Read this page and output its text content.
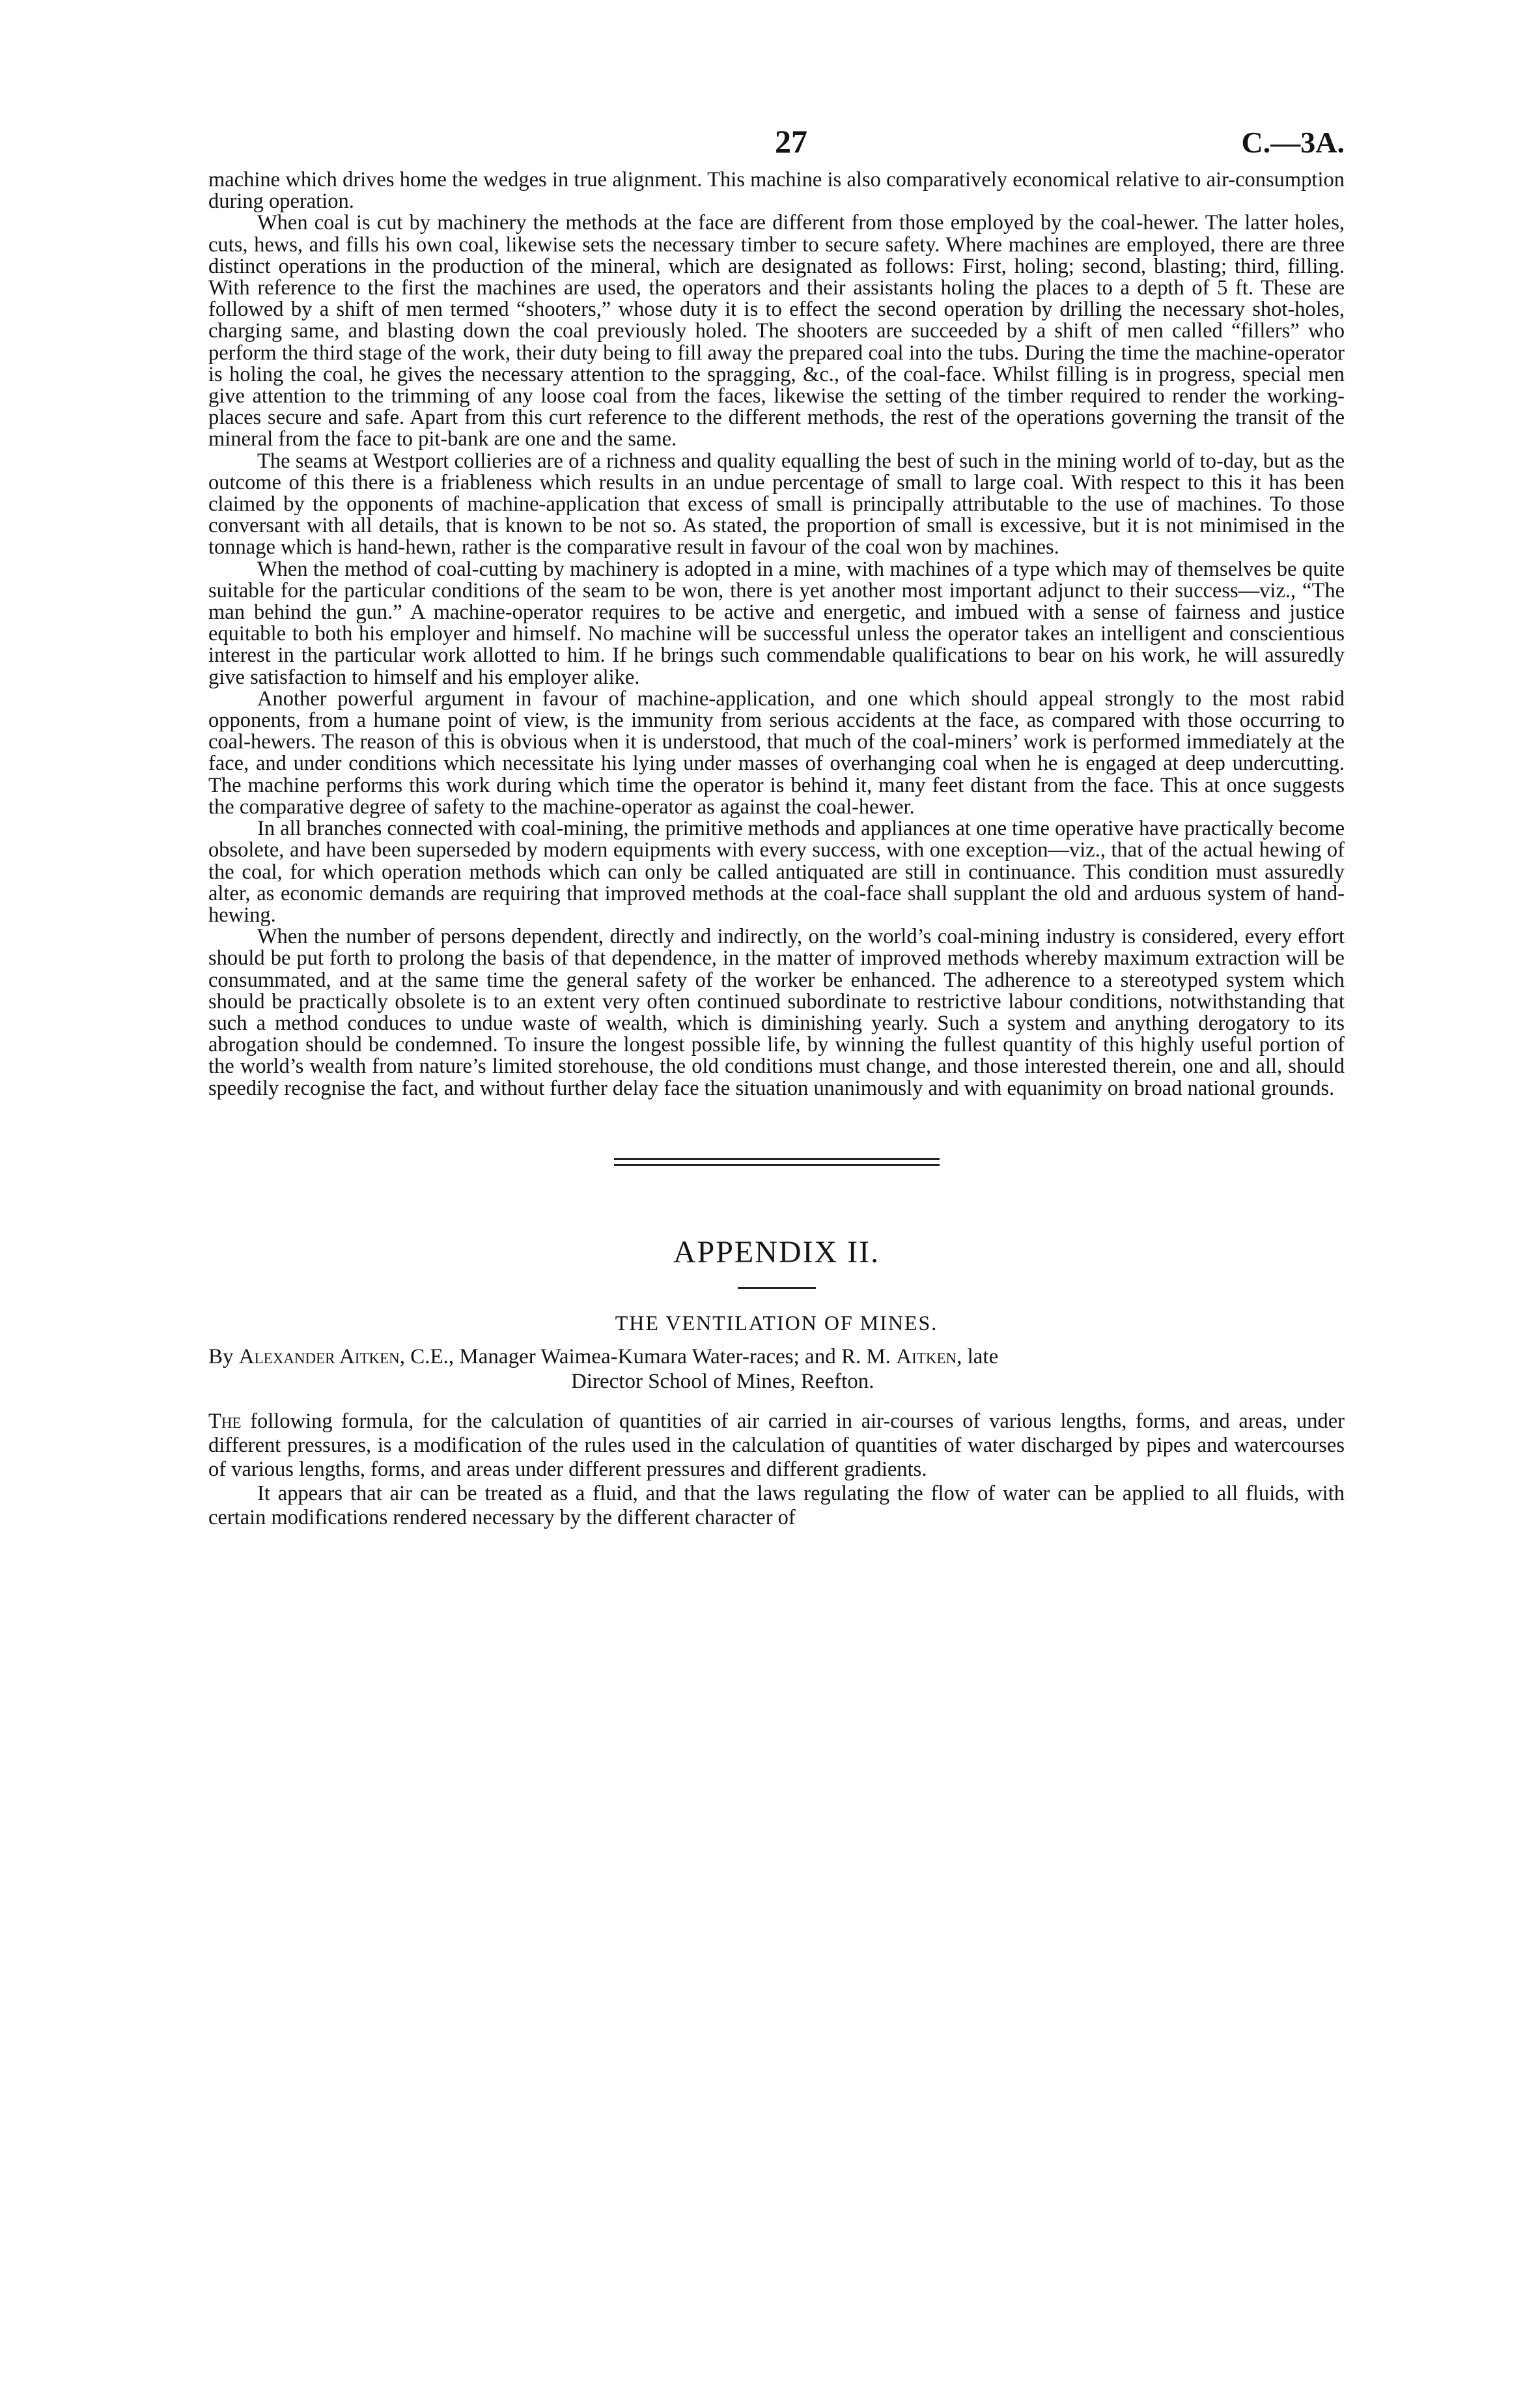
27	C.—3A.

machine which drives home the wedges in true alignment. This machine is also comparatively economical relative to air-consumption during operation.

When coal is cut by machinery the methods at the face are different from those employed by the coal-hewer. The latter holes, cuts, hews, and fills his own coal, likewise sets the necessary timber to secure safety. Where machines are employed, there are three distinct operations in the production of the mineral, which are designated as follows: First, holing; second, blasting; third, filling. With reference to the first the machines are used, the operators and their assistants holing the places to a depth of 5 ft. These are followed by a shift of men termed “shooters,” whose duty it is to effect the second operation by drilling the necessary shot-holes, charging same, and blasting down the coal previously holed. The shooters are succeeded by a shift of men called “fillers” who perform the third stage of the work, their duty being to fill away the prepared coal into the tubs. During the time the machine-operator is holing the coal, he gives the necessary attention to the spragging, &c., of the coal-face. Whilst filling is in progress, special men give attention to the trimming of any loose coal from the faces, likewise the setting of the timber required to render the working-places secure and safe. Apart from this curt reference to the different methods, the rest of the operations governing the transit of the mineral from the face to pit-bank are one and the same.

The seams at Westport collieries are of a richness and quality equalling the best of such in the mining world of to-day, but as the outcome of this there is a friableness which results in an undue percentage of small to large coal. With respect to this it has been claimed by the opponents of machine-application that excess of small is principally attributable to the use of machines. To those conversant with all details, that is known to be not so. As stated, the proportion of small is excessive, but it is not minimised in the tonnage which is hand-hewn, rather is the comparative result in favour of the coal won by machines.

When the method of coal-cutting by machinery is adopted in a mine, with machines of a type which may of themselves be quite suitable for the particular conditions of the seam to be won, there is yet another most important adjunct to their success—viz., “The man behind the gun.” A machine-operator requires to be active and energetic, and imbued with a sense of fairness and justice equitable to both his employer and himself. No machine will be successful unless the operator takes an intelligent and conscientious interest in the particular work allotted to him. If he brings such commendable qualifications to bear on his work, he will assuredly give satisfaction to himself and his employer alike.

Another powerful argument in favour of machine-application, and one which should appeal strongly to the most rabid opponents, from a humane point of view, is the immunity from serious accidents at the face, as compared with those occurring to coal-hewers. The reason of this is obvious when it is understood, that much of the coal-miners’ work is performed immediately at the face, and under conditions which necessitate his lying under masses of overhanging coal when he is engaged at deep undercutting. The machine performs this work during which time the operator is behind it, many feet distant from the face. This at once suggests the comparative degree of safety to the machine-operator as against the coal-hewer.

In all branches connected with coal-mining, the primitive methods and appliances at one time operative have practically become obsolete, and have been superseded by modern equipments with every success, with one exception—viz., that of the actual hewing of the coal, for which operation methods which can only be called antiquated are still in continuance. This condition must assuredly alter, as economic demands are requiring that improved methods at the coal-face shall supplant the old and arduous system of hand-hewing.

When the number of persons dependent, directly and indirectly, on the world’s coal-mining industry is considered, every effort should be put forth to prolong the basis of that dependence, in the matter of improved methods whereby maximum extraction will be consummated, and at the same time the general safety of the worker be enhanced. The adherence to a stereotyped system which should be practically obsolete is to an extent very often continued subordinate to restrictive labour conditions, notwithstanding that such a method conduces to undue waste of wealth, which is diminishing yearly. Such a system and anything derogatory to its abrogation should be condemned. To insure the longest possible life, by winning the fullest quantity of this highly useful portion of the world’s wealth from nature’s limited storehouse, the old conditions must change, and those interested therein, one and all, should speedily recognise the fact, and without further delay face the situation unanimously and with equanimity on broad national grounds.

APPENDIX II.
THE VENTILATION OF MINES.
By Alexander Aitken, C.E., Manager Waimea-Kumara Water-races; and R. M. Aitken, late
Director School of Mines, Reefton.

The following formula, for the calculation of quantities of air carried in air-courses of various lengths, forms, and areas, under different pressures, is a modification of the rules used in the calculation of quantities of water discharged by pipes and watercourses of various lengths, forms, and areas under different pressures and different gradients.

It appears that air can be treated as a fluid, and that the laws regulating the flow of water can be applied to all fluids, with certain modifications rendered necessary by the different character of
